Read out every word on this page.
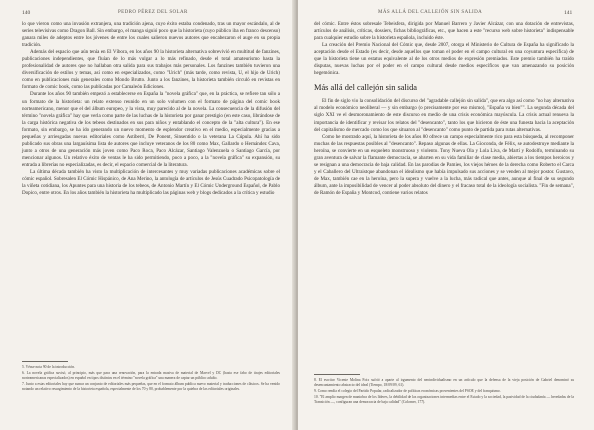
140	PEDRO PÉREZ DEL SOLAR

lo que vieron como una invasión extranjera, una tradición ajena, cuyo éxito estaba condenado, tras un mayor escándalo, al de series televisivas como Dragon Ball. Sin embargo, el manga siguió poco que la historieta (cuyo público iba en franco descenso) ganara miles de adeptos entre los jóvenes de entre los cuales salieron nuevos autores que encabezaron el auge en su propia tradición.

Además del espacio que aún tenía en El Víbora, en los años 90 la historieta alternativa sobrevivió en multitud de fanzines, publicaciones independientes, que fluían de lo más vulgar a lo más refinado, desde el total amateurismo hasta la profesionalidad de autores que no hallaban otra salida para sus trabajos más personales. Los fanzines también tuvieron una diversificación de estilos y temas, así como en especializados, como "Urich" (más tarde, como revista, U, el hijo de Urich) como en publicaciones más generales como Mondo Brutto. Junto a los fanzines, la historieta también circuló en revistas en formato de comic book, como las publicadas por Camaleón Ediciones.

Durante los años 90 también empezó a establecerse en España la "novela gráfica" que, en la práctica, se refiere tan sólo a un formato de la historieta: un relato extenso reunido en un solo volumen con el formato de página del comic book norteamericano, menor que el del álbum europeo, y la vista, muy parecido al de la novela. La consecuencia de la difusión del término "novela gráfica" hay que verla como parte de las luchas de la historieta por ganar prestigio (en este caso, librándose de la carga histórica negativa de los tebeos destinados en sus para niños y entablando el concepto de la "alta cultura"). En ese formato, sin embargo, se ha ido generando un nuevo momento de esplendor creativo en el medio, especialmente gracias a pequeñas y arriesgadas nuevas editoriales como Astiberri, De Ponent, Sinsentido o la veterana La Cúpula. Ahí ha sido publicado sus obras una largauísima lista de autores que incluye veteranos de los 80 como Max, Gallardo o Hernández Cava, junto a otros de una generación más joven como Paco Roca, Paco Alcázar, Santiago Valenzuela o Santiago García, por mencionar algunos. Un relativo éxito de ventas le ha sido permitiendo, poco a poco, a la "novela gráfica" su expansión, su entrada a librerías no especializadas, es decir, el espacio comercial de la literatura.

La última década también ha visto la multiplicación de intercesantes y muy variadas publicaciones académicas sobre el cómic español. Sobresalen El Cómic Hispánico, de Ana Merino, la antología de artículos de Jesús Cuadrado Psicopatología de la viñeta cotidiana, los Apuntes para una historia de los tebeos, de Antonio Martín y El Cómic Underground Español, de Pablo Dopico, entre otros. En los años también la historieta ha multiplicado las páginas web y blogs dedicados a la crítica y estudio

5. Véase nota 90 de la introducción.

6. La novela gráfica suvisó, al principio, más que para una renovación, para la entrada masiva de material de Marvel y DC (hasta ese fabo de tirajes editoriales norteamericanas especializados) en español en tipos distintos en el término "novela gráfica" una manera de captar un público adulto.

7. Junto a estas editoriales hay que sumar un conjunto de editoriales más pequeñas, que en el formato álbum publica nuevo material y traducciones de clásicos. Se ha venido notando un relativo resurgimiento de la historieta española, especialmente de los 70 y 80, probablemente por la quiebra de las editoriales originales.

MÁS ALLÁ DEL CALLEJÓN SIN SALIDA	141

del cómic. Entre éstos sobresale Tebeisfera, dirigida por Manuel Barrero y Javier Alcázar, con una dotación de entrevistas, artículos de análisis, críticas, dossiers, fichas bibliográficas, etc., que hacen a este "recurso web sobre historieta" indispensable para cualquier estudio sobre la historieta española, incluido éste.

La creación del Premio Nacional del Cómic que, desde 2007, otorga el Ministerio de Cultura de España ha significado la aceptación desde el Estado (es decir, desde aquellos que toman el poder en el campo cultural en una coyuntura específica) de que la historieta tiene un estatus equivalente al de los otros medios de expresión premiados. Este premio también ha traído disputas, nuevas luchas por el poder en el campo cultural desde medios específicos que van amenazando su posición hegemónica.

Más allá del callejón sin salida

El fin de siglo vio la consolidación del discurso del "agradable callejón sin salida", que era algo así como "no hay alternativa al modelo económico neoliberal — y sin embargo (o precisamente por eso mismo), "España va bien"". La segunda década del siglo XXI ve el desmoronamiento de este discurso en medio de una crisis económica mayúscula. La crisis actual renueva la importancia de identificar y revisar los relatos del "desencanto", tanto los que hicieron de éste una funesta hacia la aceptación del capitalismo de mercado como los que situaron al "desencanto" como punto de partida para rutas alternativas.

Como he mostrado aquí, la historieta de los años 80 ofrece un campo especialmente rico para esta búsqueda, al recomponer muchas de las respuestas posibles al "desencanto". Repaso algunas de ellas. La Gioconda, de Félix, se autodestruye mediante la heroína, se convierte en un esqueleto monstruoso y violento. Tony Nueva Ola y Lola Liva, de Martí y Rodolfo, terminando su gran aventura de salvar la flamante democracia, se abarten en su vida familiar de clase media, abiertas a los tiempos heroicos y se resignan a una democracia de baja calidad. En las parodias de Pamies, los viejos héroes de la derecha como Roberto el Carca y el Caballero del Ultraistque abandonan el idealismo que había impulsado sus acciones y se venden al mejor postor. Gustavo, de Max, también cae en la heroína, pero la supera y vuelve a la lucha, más radical que antes, aunque al final de su segundo álbum, ante la imposibilidad de vencer al poder absoluto del dinero y el fracaso total de la ideología socialista. "Fin de semana", de Ramón de España y Montcod, contiene varios relatos

8. El escritor Vicente Molina Foix sufrió a aparte al irgumento del neoindividualismo en un artículo que la defensa de la vieja posición de Gabriel denominó su desencantamiento abstracto del ideal (Tiempo, 18/09/09, 61).

9. Como rendía el colegio del Partido Popular, radicalizador de políticas económicas provenientes del PSOE y del franquismo.

10. "El amplio margen de maniobra de los líderes, la debilidad de las organizaciones intermedias entre el Estado y la sociedad, la pasividad de la ciudadanía — heredadas de la Transición —, configuran una democracia de baja calidad" (Colomer, 177).
